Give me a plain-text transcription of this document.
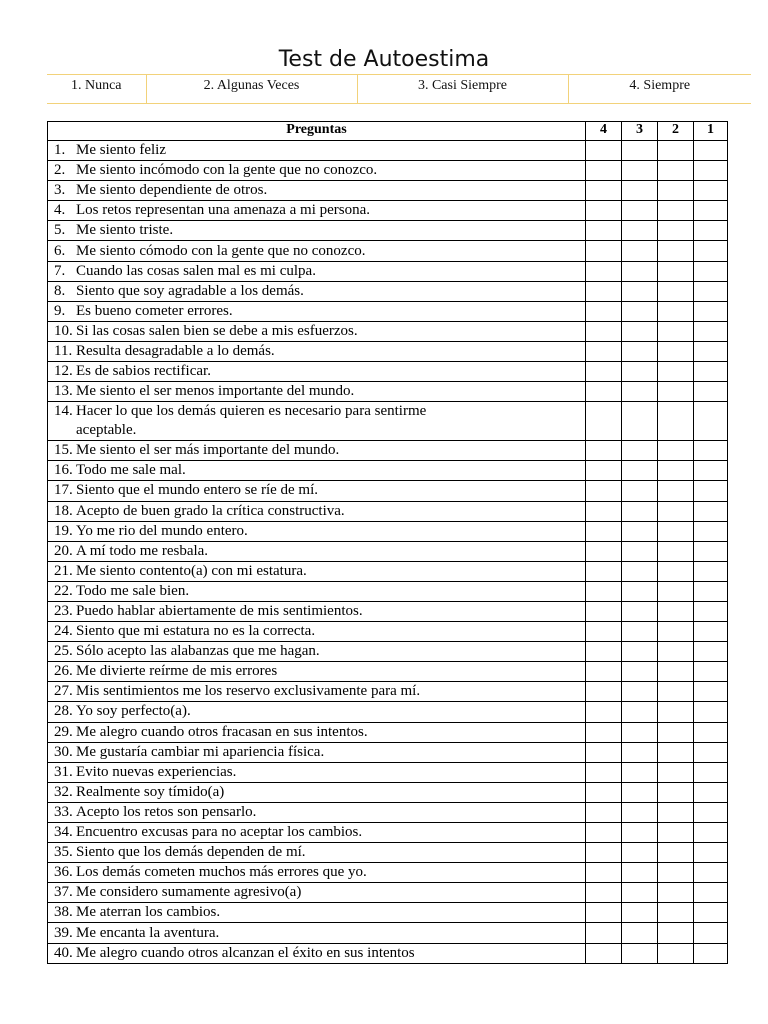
Test de Autoestima
1. Nunca	2. Algunas Veces	3. Casi Siempre	4. Siempre
Preguntas	4	3	2	1
1. Me siento feliz				
2. Me siento incómodo con la gente que no conozco.				
3. Me siento dependiente de otros.				
4. Los retos representan una amenaza a mi persona.				
5. Me siento triste.				
6. Me siento cómodo con la gente que no conozco.				
7. Cuando las cosas salen mal es mi culpa.				
8. Siento que soy agradable a los demás.				
9. Es bueno cometer errores.				
10. Si las cosas salen bien se debe a mis esfuerzos.				
11. Resulta desagradable a lo demás.				
12. Es de sabios rectificar.				
13. Me siento el ser menos importante del mundo.				
14. Hacer lo que los demás quieren es necesario para sentirme
aceptable.				

15. Me siento el ser más importante del mundo.				
16. Todo me sale mal.				
17. Siento que el mundo entero se ríe de mí.				
18. Acepto de buen grado la crítica constructiva.				
19. Yo me rio del mundo entero.				
20. A mí todo me resbala.				
21. Me siento contento(a) con mi estatura.				
22. Todo me sale bien.				
23. Puedo hablar abiertamente de mis sentimientos.				
24. Siento que mi estatura no es la correcta.				
25. Sólo acepto las alabanzas que me hagan.				
26. Me divierte reírme de mis errores				
27. Mis sentimientos me los reservo exclusivamente para mí.				
28. Yo soy perfecto(a).				
29. Me alegro cuando otros fracasan en sus intentos.				
30. Me gustaría cambiar mi apariencia física.				
31. Evito nuevas experiencias.				
32. Realmente soy tímido(a)				
33. Acepto los retos son pensarlo.				
34. Encuentro excusas para no aceptar los cambios.				
35. Siento que los demás dependen de mí.				
36. Los demás cometen muchos más errores que yo.				
37. Me considero sumamente agresivo(a)				
38. Me aterran los cambios.				
39. Me encanta la aventura.				
40. Me alegro cuando otros alcanzan el éxito en sus intentos				
